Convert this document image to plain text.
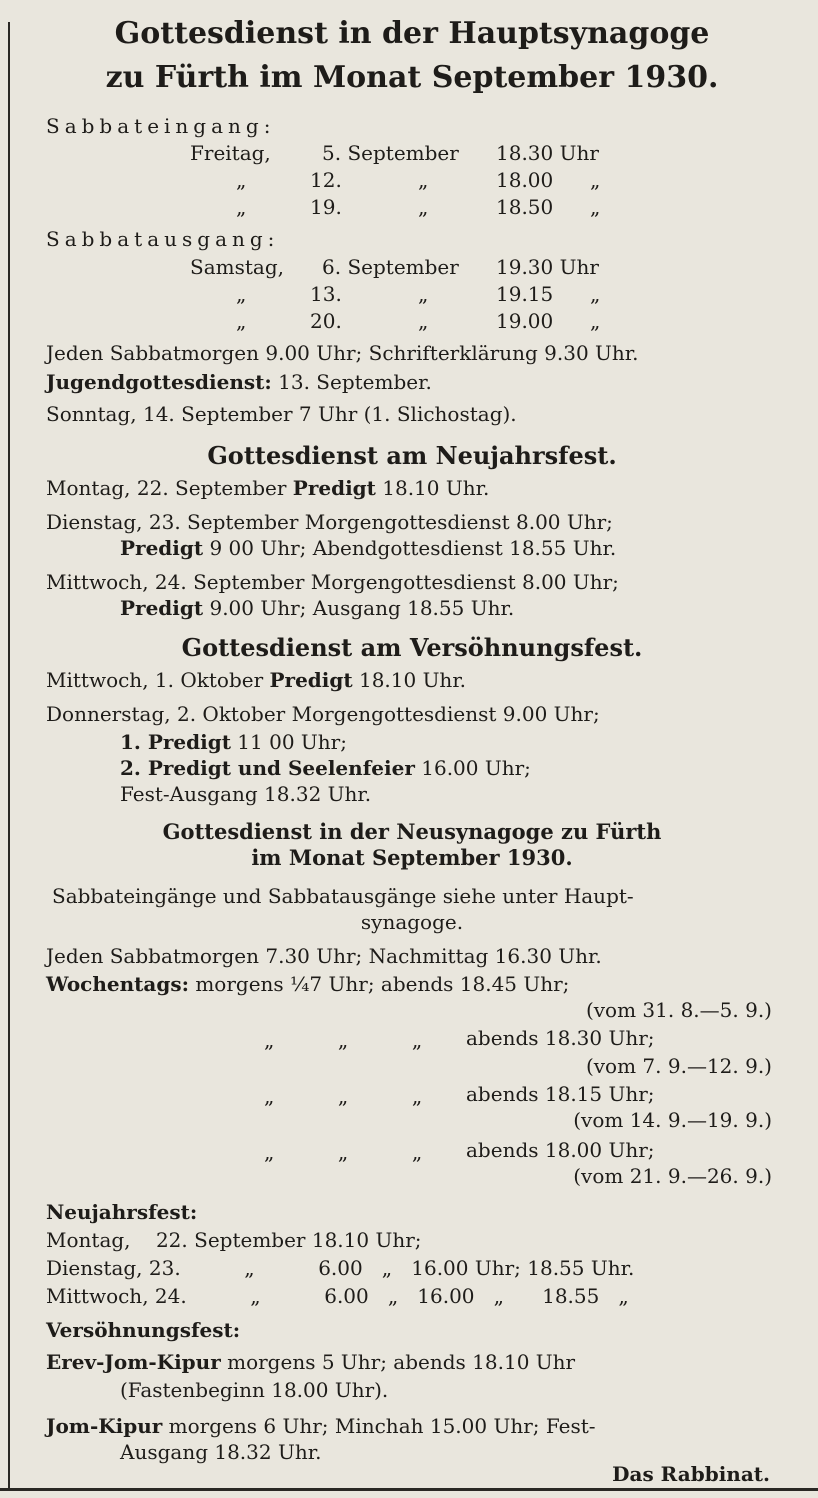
Gottesdienst in der Hauptsynagoge
zu Fürth im Monat September 1930.
Sabbateingang:
Freitag,	5. September 18.30 Uhr
„	12.	„	18.00 „
„	19.	„	18.50 „
Sabbatausgang:
Samstag, 6. September 19.30 Uhr
„	13.	„	19.15 „
„	20.	„	19.00 „
Jeden Sabbatmorgen 9.00 Uhr; Schrifterklärung 9.30 Uhr.
Jugendgottesdienst: 13. September.
Sonntag, 14. September 7 Uhr (1. Slichostag).
Gottesdienst am Neujahrsfest.
Montag, 22. September Predigt 18.10 Uhr.
Dienstag, 23. September Morgengottesdienst 8.00 Uhr;
Predigt 9 00 Uhr; Abendgottesdienst 18.55 Uhr.
Mittwoch, 24. September Morgengottesdienst 8.00 Uhr;
Predigt 9.00 Uhr; Ausgang 18.55 Uhr.
Gottesdienst am Versöhnungsfest.
Mittwoch, 1. Oktober Predigt 18.10 Uhr.
Donnerstag, 2. Oktober Morgengottesdienst 9.00 Uhr;
1. Predigt 11 00 Uhr;
2. Predigt und Seelenfeier 16.00 Uhr;
Fest-Ausgang 18.32 Uhr.
Gottesdienst in der Neusynagoge zu Fürth
im Monat September 1930.
Sabbateingänge und Sabbatausgänge siehe unter Haupt-
synagoge.
Jeden Sabbatmorgen 7.30 Uhr; Nachmittag 16.30 Uhr.
Wochentags: morgens ¼7 Uhr; abends 18.45 Uhr;
(vom 31. 8.—5. 9.)
„          „          „ abends 18.30 Uhr;
(vom 7. 9.—12. 9.)
„          „          „ abends 18.15 Uhr;
(vom 14. 9.—19. 9.)
„          „          „ abends 18.00 Uhr;
(vom 21. 9.—26. 9.)
Neujahrsfest:
Montag,    22. September 18.10 Uhr;
Dienstag, 23.          „          6.00   „   16.00 Uhr; 18.55 Uhr.
Mittwoch, 24.          „          6.00   „   16.00   „      18.55   „
Versöhnungsfest:
Erev-Jom-Kipur morgens 5 Uhr; abends 18.10 Uhr
(Fastenbeginn 18.00 Uhr).
Jom-Kipur morgens 6 Uhr; Minchah 15.00 Uhr; Fest-
Ausgang 18.32 Uhr.
Das Rabbinat.
